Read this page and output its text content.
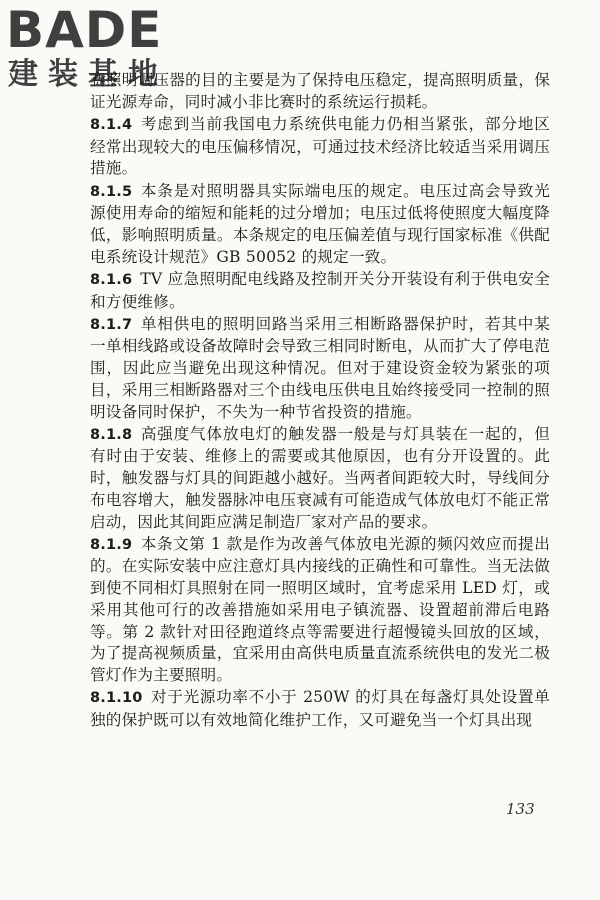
BADE
建装基地

赛照明调压器的目的主要是为了保持电压稳定，提高照明质量，保证光源寿命，同时减小非比赛时的系统运行损耗。

8.1.4 考虑到当前我国电力系统供电能力仍相当紧张，部分地区经常出现较大的电压偏移情况，可通过技术经济比较适当采用调压措施。

8.1.5 本条是对照明器具实际端电压的规定。电压过高会导致光源使用寿命的缩短和能耗的过分增加；电压过低将使照度大幅度降低，影响照明质量。本条规定的电压偏差值与现行国家标准《供配电系统设计规范》GB 50052 的规定一致。

8.1.6 TV 应急照明配电线路及控制开关分开装设有利于供电安全和方便维修。

8.1.7 单相供电的照明回路当采用三相断路器保护时，若其中某一单相线路或设备故障时会导致三相同时断电，从而扩大了停电范围，因此应当避免出现这种情况。但对于建设资金较为紧张的项目，采用三相断路器对三个由线电压供电且始终接受同一控制的照明设备同时保护，不失为一种节省投资的措施。

8.1.8 高强度气体放电灯的触发器一般是与灯具装在一起的，但有时由于安装、维修上的需要或其他原因，也有分开设置的。此时，触发器与灯具的间距越小越好。当两者间距较大时，导线间分布电容增大，触发器脉冲电压衰减有可能造成气体放电灯不能正常启动，因此其间距应满足制造厂家对产品的要求。

8.1.9 本条文第 1 款是作为改善气体放电光源的频闪效应而提出的。在实际安装中应注意灯具内接线的正确性和可靠性。当无法做到使不同相灯具照射在同一照明区域时，宜考虑采用 LED 灯，或采用其他可行的改善措施如采用电子镇流器、设置超前滞后电路等。第 2 款针对田径跑道终点等需要进行超慢镜头回放的区域，为了提高视频质量，宜采用由高供电质量直流系统供电的发光二极管灯作为主要照明。

8.1.10 对于光源功率不小于 250W 的灯具在每盏灯具处设置单独的保护既可以有效地简化维护工作，又可避免当一个灯具出现

133
